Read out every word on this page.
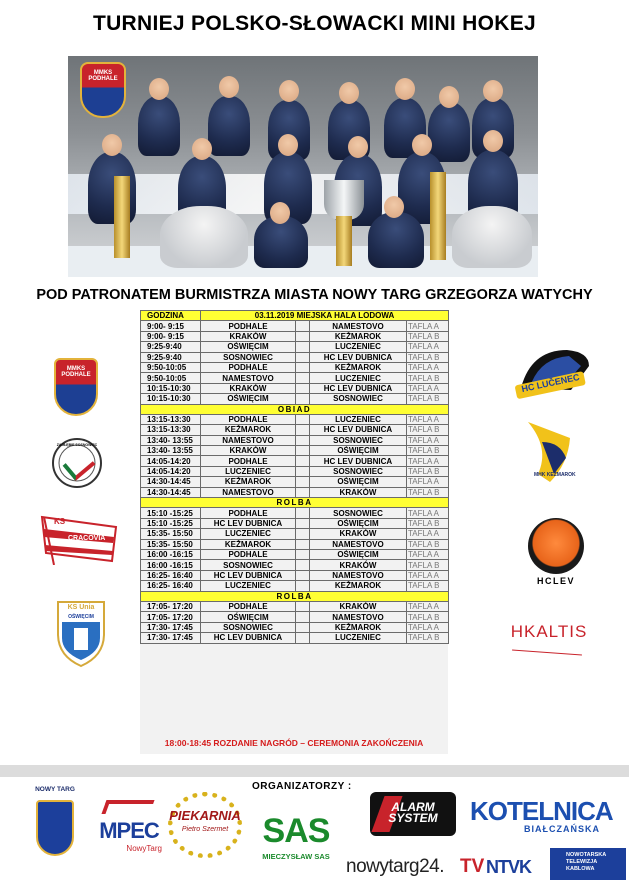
TURNIEJ POLSKO-SŁOWACKI MINI HOKEJ
MMKS PODHALE
POD PATRONATEM BURMISTRZA MIASTA NOWY TARG GRZEGORZA WATYCHY
GODZINA	03.11.2019 MIEJSKA HALA LODOWA			
9:00- 9:15	PODHALE		NAMESTOVO	TAFLA A
9:00- 9:15	KRAKÓW		KEŽMAROK	TAFLA B
9:25-9:40	OŚWIĘCIM		LUCZENIEC	TAFLA A
9:25-9:40	SOSNOWIEC		HC LEV DUBNICA	TAFLA B
9:50-10:05	PODHALE		KEŽMAROK	TAFLA A
9:50-10:05	NAMESTOVO		LUCZENIEC	TAFLA B
10:15-10:30	KRAKÓW		HC LEV DUBNICA	TAFLA A
10:15-10:30	OŚWIĘCIM		SOSNOWIEC	TAFLA B
OBIAD				
13:15-13:30	PODHALE		LUCZENIEC	TAFLA A
13:15-13:30	KEŽMAROK		HC LEV DUBNICA	TAFLA B
13:40- 13:55	NAMESTOVO		SOSNOWIEC	TAFLA A
13:40- 13:55	KRAKÓW		OŚWIĘCIM	TAFLA B
14:05-14:20	PODHALE		HC LEV DUBNICA	TAFLA A
14:05-14:20	LUCZENIEC		SOSNOWIEC	TAFLA B
14:30-14:45	KEŽMAROK		OŚWIĘCIM	TAFLA A
14:30-14:45	NAMESTOVO		KRAKÓW	TAFLA B
ROLBA				
15:10 -15:25	PODHALE		SOSNOWIEC	TAFLA A
15:10 -15:25	HC LEV DUBNICA		OŚWIĘCIM	TAFLA B
15:35- 15:50	LUCZENIEC		KRAKÓW	TAFLA A
15:35- 15:50	KEŽMAROK		NAMESTOVO	TAFLA B
16:00 -16:15	PODHALE		OŚWIĘCIM	TAFLA A
16:00 -16:15	SOSNOWIEC		KRAKÓW	TAFLA B
16:25- 16:40	HC LEV DUBNICA		NAMESTOVO	TAFLA A
16:25- 16:40	LUCZENIEC		KEŽMAROK	TAFLA B
ROLBA				
17:05- 17:20	PODHALE		KRAKÓW	TAFLA A
17:05- 17:20	OŚWIĘCIM		NAMESTOVO	TAFLA B
17:30- 17:45	SOSNOWIEC		KEŽMAROK	TAFLA A
17:30- 17:45	HC LEV DUBNICA		LUCZENIEC	TAFLA B
18:00-18:45 ROZDANIE NAGRÓD – CEREMONIA ZAKOŃCZENIA
MMKS PODHALE
ZAGŁĘBIE SOSNOWIEC
KS
CRACOVIA
KS Unia
OŚWIĘCIM
HC LUČENEC
MHK KEŽMAROK
HCLEV
HKALTIS
ORGANIZATORZY :
NOWY TARG
MPEC
NowyTarg
PIEKARNIA
Pietro Szermet	SAS
MIECZYSŁAW SAS
ALARM
SYSTEM	KOTELNICA
BIAŁCZAŃSKA
nowytarg24. TV NTVK
NOWOTARSKA TELEWIZJA KABLOWA
